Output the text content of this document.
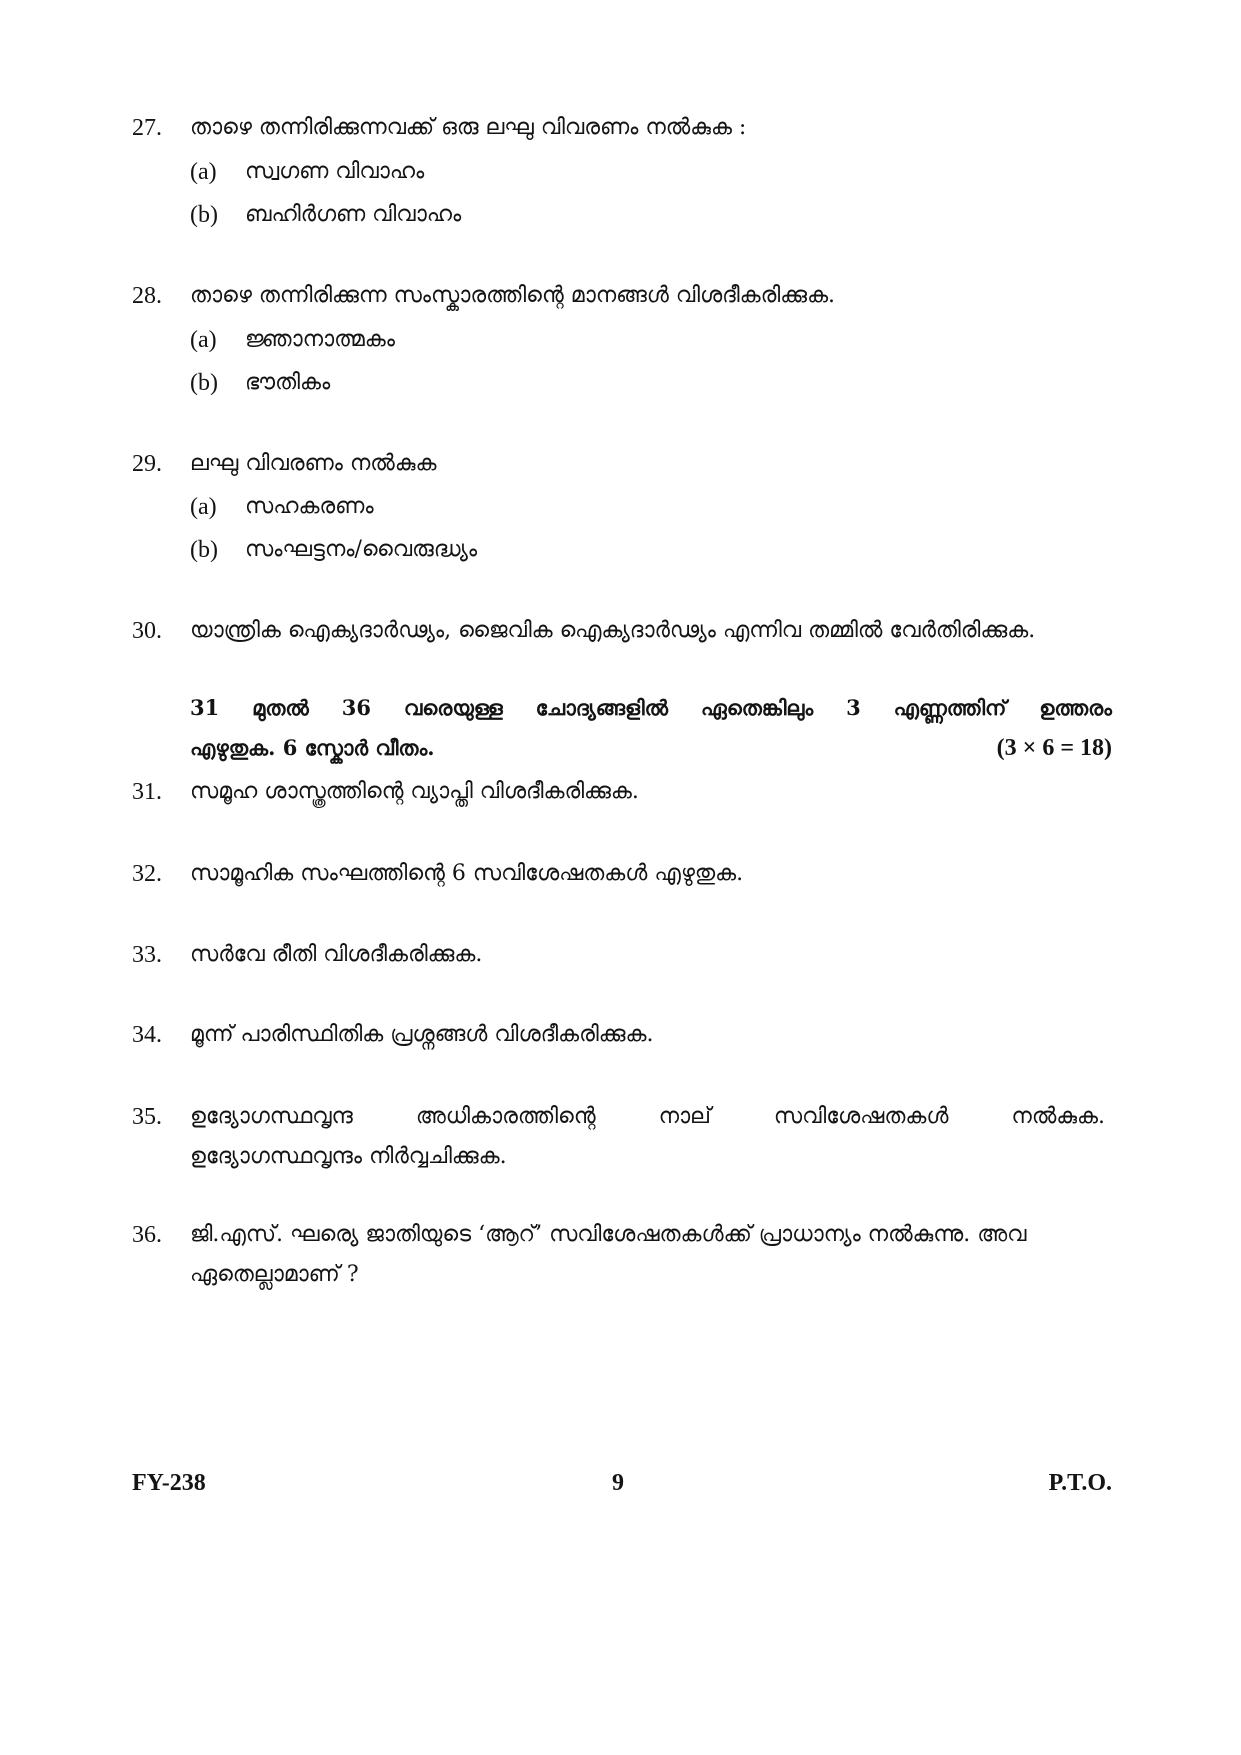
27. താഴെ തന്നിരിക്കുന്നവക്ക് ഒരു ലഘു വിവരണം നൽകുക :
(a) സ്വഗണ വിവാഹം
(b) ബഹിർഗണ വിവാഹം
28. താഴെ തന്നിരിക്കുന്ന സംസ്കാരത്തിന്റെ മാനങ്ങൾ വിശദീകരിക്കുക.
(a) ജ്ഞാനാത്മകം
(b) ഭൗതികം
29. ലഘു വിവരണം നൽകുക
(a) സഹകരണം
(b) സംഘട്ടനം/വൈരുദ്ധ്യം
30. യാന്ത്രിക ഐക്യദാർഢ്യം, ജൈവിക ഐക്യദാർഢ്യം എന്നിവ തമ്മിൽ വേർതിരിക്കുക.
31 മുതൽ 36 വരെയുള്ള ചോദ്യങ്ങളിൽ ഏതെങ്കിലും 3 എണ്ണത്തിന് ഉത്തരം
എഴുതുക. 6 സ്കോർ വീതം.	(3 × 6 = 18)
31. സമൂഹ ശാസ്ത്രത്തിന്റെ വ്യാപ്തി വിശദീകരിക്കുക.
32. സാമൂഹിക സംഘത്തിന്റെ 6 സവിശേഷതകൾ എഴുതുക.
33. സർവേ രീതി വിശദീകരിക്കുക.
34. മൂന്ന് പാരിസ്ഥിതിക പ്രശ്നങ്ങൾ വിശദീകരിക്കുക.
35. ഉദ്യോഗസ്ഥവൃന്ദ	അധികാരത്തിന്റെ	നാല്	സവിശേഷതകൾ	നൽകുക.
ഉദ്യോഗസ്ഥവൃന്ദം നിർവ്വചിക്കുക.
36. ജി.എസ്. ഘര്യെ ജാതിയുടെ ‘ആറ്’ സവിശേഷതകൾക്ക് പ്രാധാന്യം നൽകുന്നു. അവ
ഏതെല്ലാമാണ് ?
FY-238	9	P.T.O.
